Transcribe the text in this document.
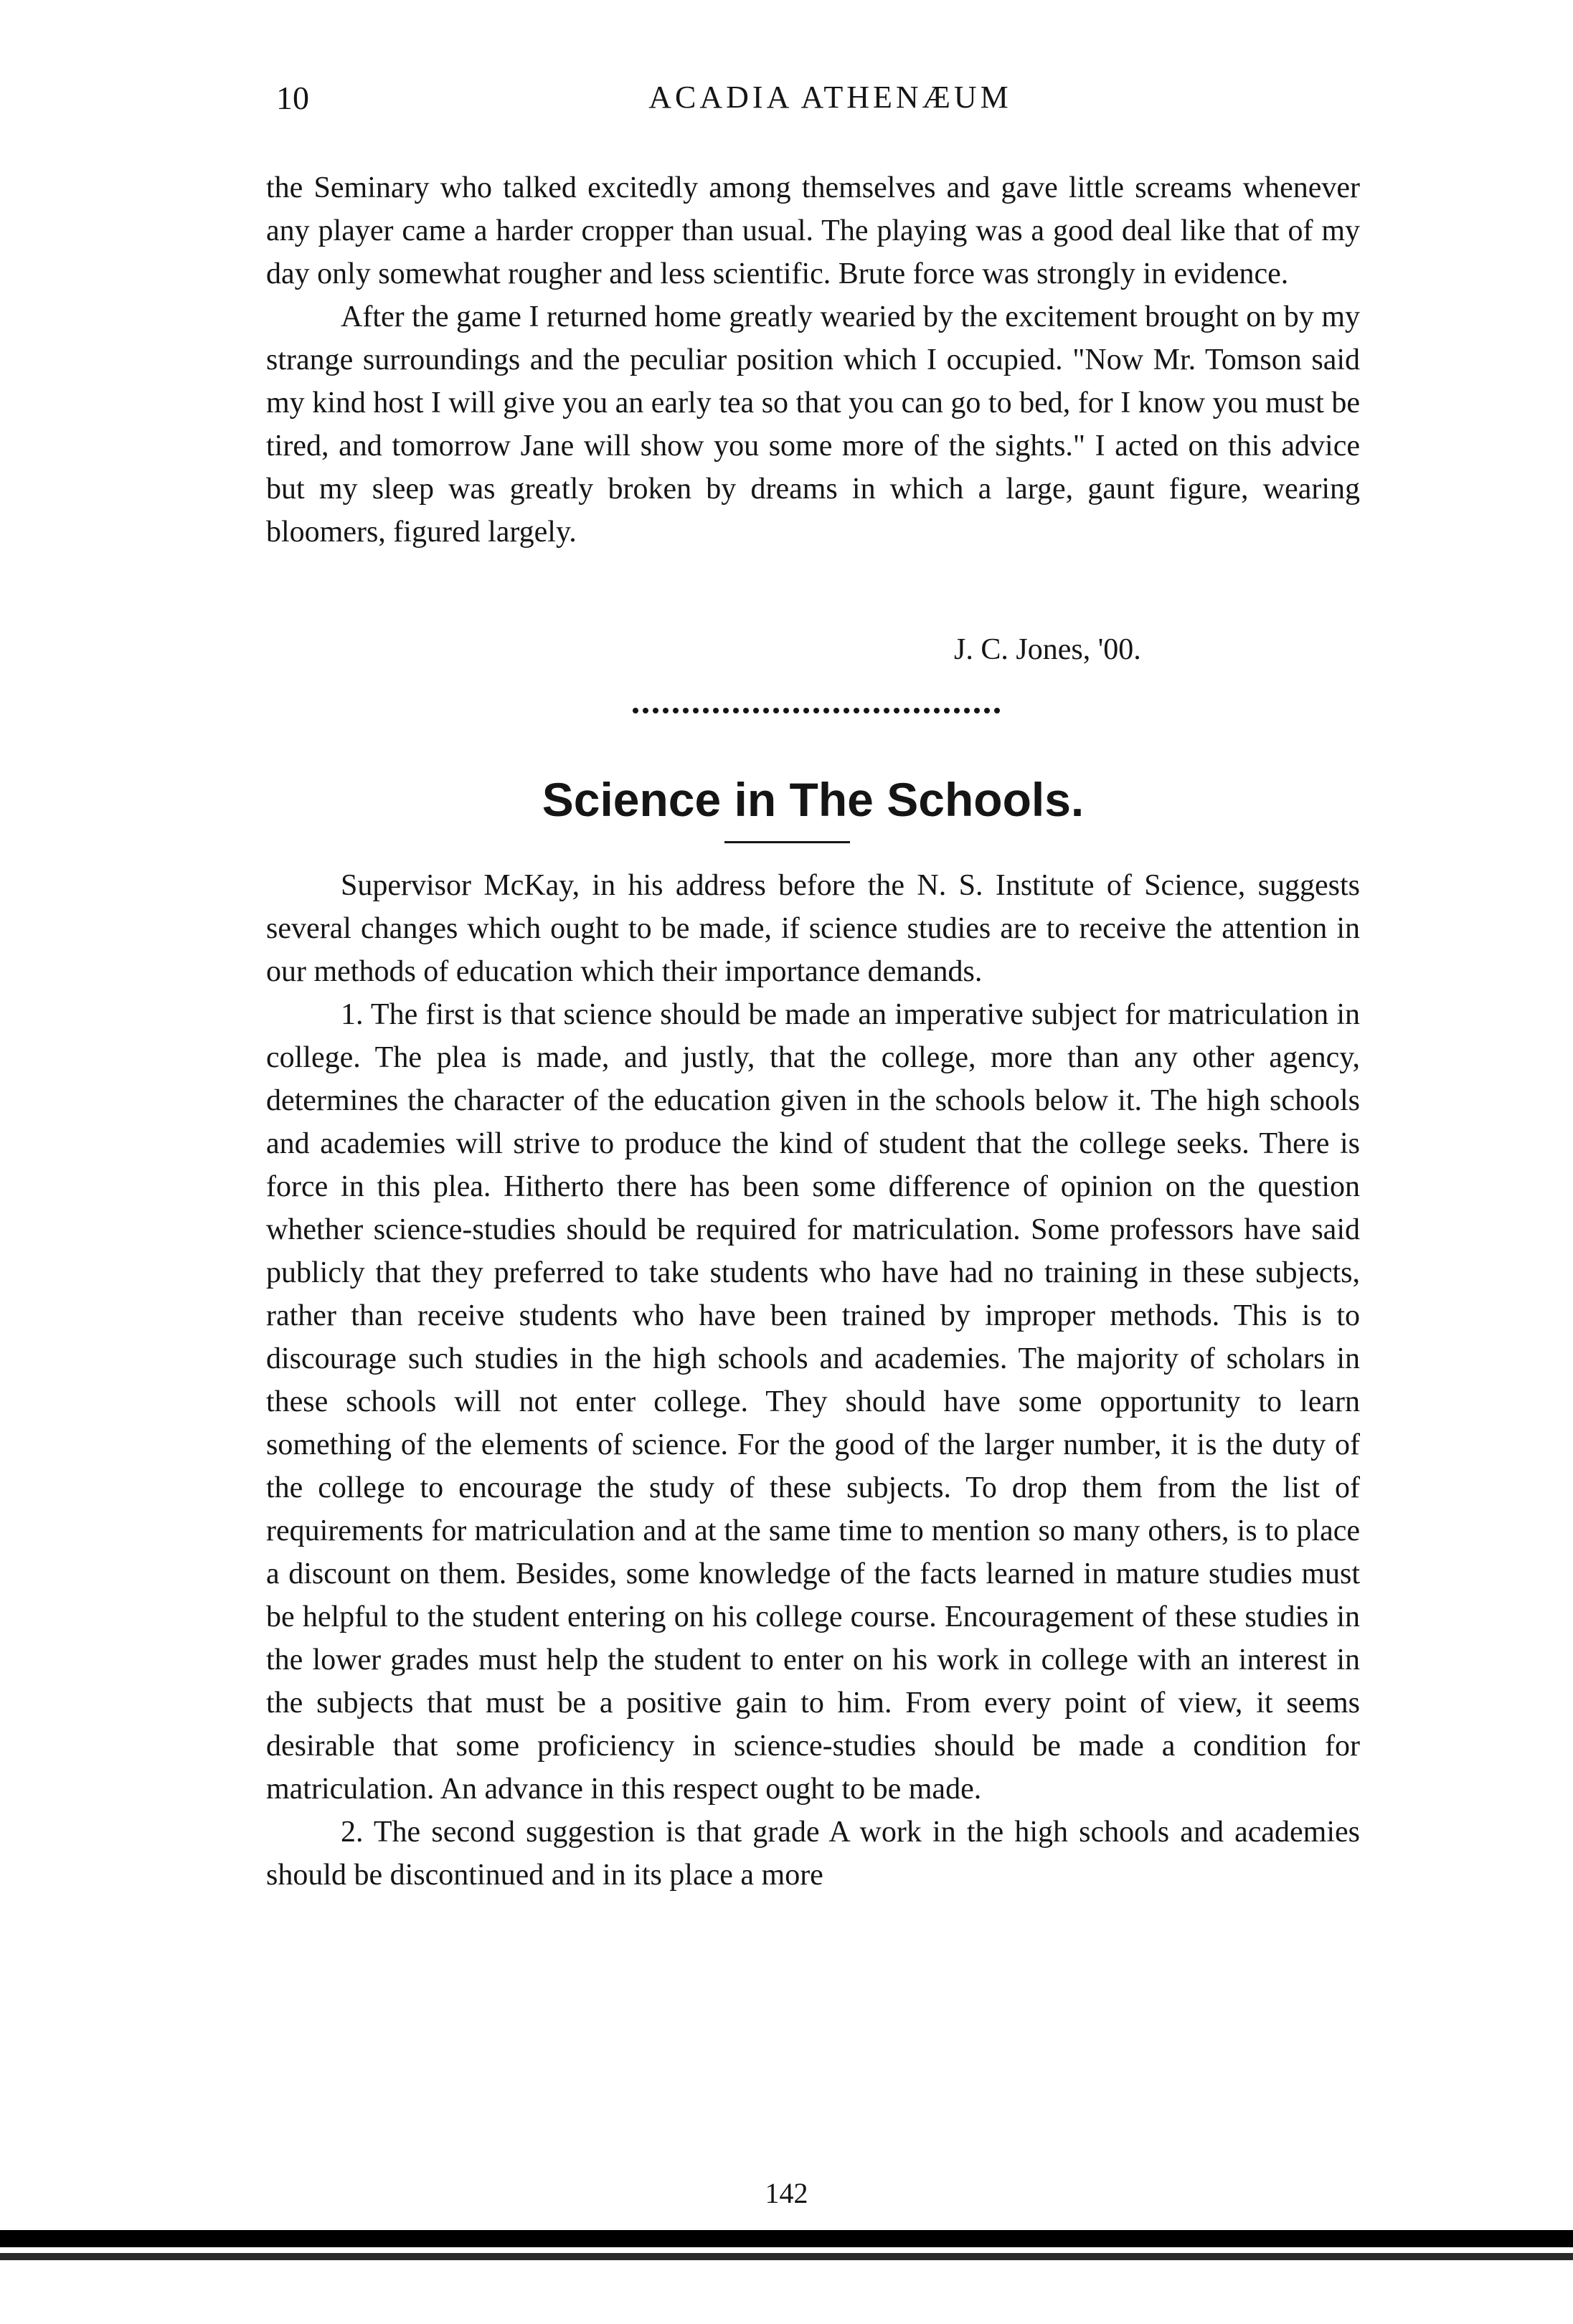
10	ACADIA ATHENÆUM

the Seminary who talked excitedly among themselves and gave little screams whenever any player came a harder cropper than usual. The playing was a good deal like that of my day only somewhat rougher and less scientific. Brute force was strongly in evidence.

After the game I returned home greatly wearied by the excitement brought on by my strange surroundings and the peculiar position which I occupied. "Now Mr. Tomson said my kind host I will give you an early tea so that you can go to bed, for I know you must be tired, and tomorrow Jane will show you some more of the sights." I acted on this advice but my sleep was greatly broken by dreams in which a large, gaunt figure, wearing bloomers, figured largely.

J. C. Jones, '00.
Science in The Schools.

Supervisor McKay, in his address before the N. S. Institute of Science, suggests several changes which ought to be made, if science studies are to receive the attention in our methods of education which their importance demands.

1. The first is that science should be made an imperative subject for matriculation in college. The plea is made, and justly, that the college, more than any other agency, determines the character of the education given in the schools below it. The high schools and academies will strive to produce the kind of student that the college seeks. There is force in this plea. Hitherto there has been some difference of opinion on the question whether science-studies should be required for matriculation. Some professors have said publicly that they preferred to take students who have had no training in these subjects, rather than receive students who have been trained by improper methods. This is to discourage such studies in the high schools and academies. The majority of scholars in these schools will not enter college. They should have some opportunity to learn something of the elements of science. For the good of the larger number, it is the duty of the college to encourage the study of these subjects. To drop them from the list of requirements for matriculation and at the same time to mention so many others, is to place a discount on them. Besides, some knowledge of the facts learned in mature studies must be helpful to the student entering on his college course. Encouragement of these studies in the lower grades must help the student to enter on his work in college with an interest in the subjects that must be a positive gain to him. From every point of view, it seems desirable that some proficiency in science-studies should be made a condition for matriculation. An advance in this respect ought to be made.

2. The second suggestion is that grade A work in the high schools and academies should be discontinued and in its place a more

142
